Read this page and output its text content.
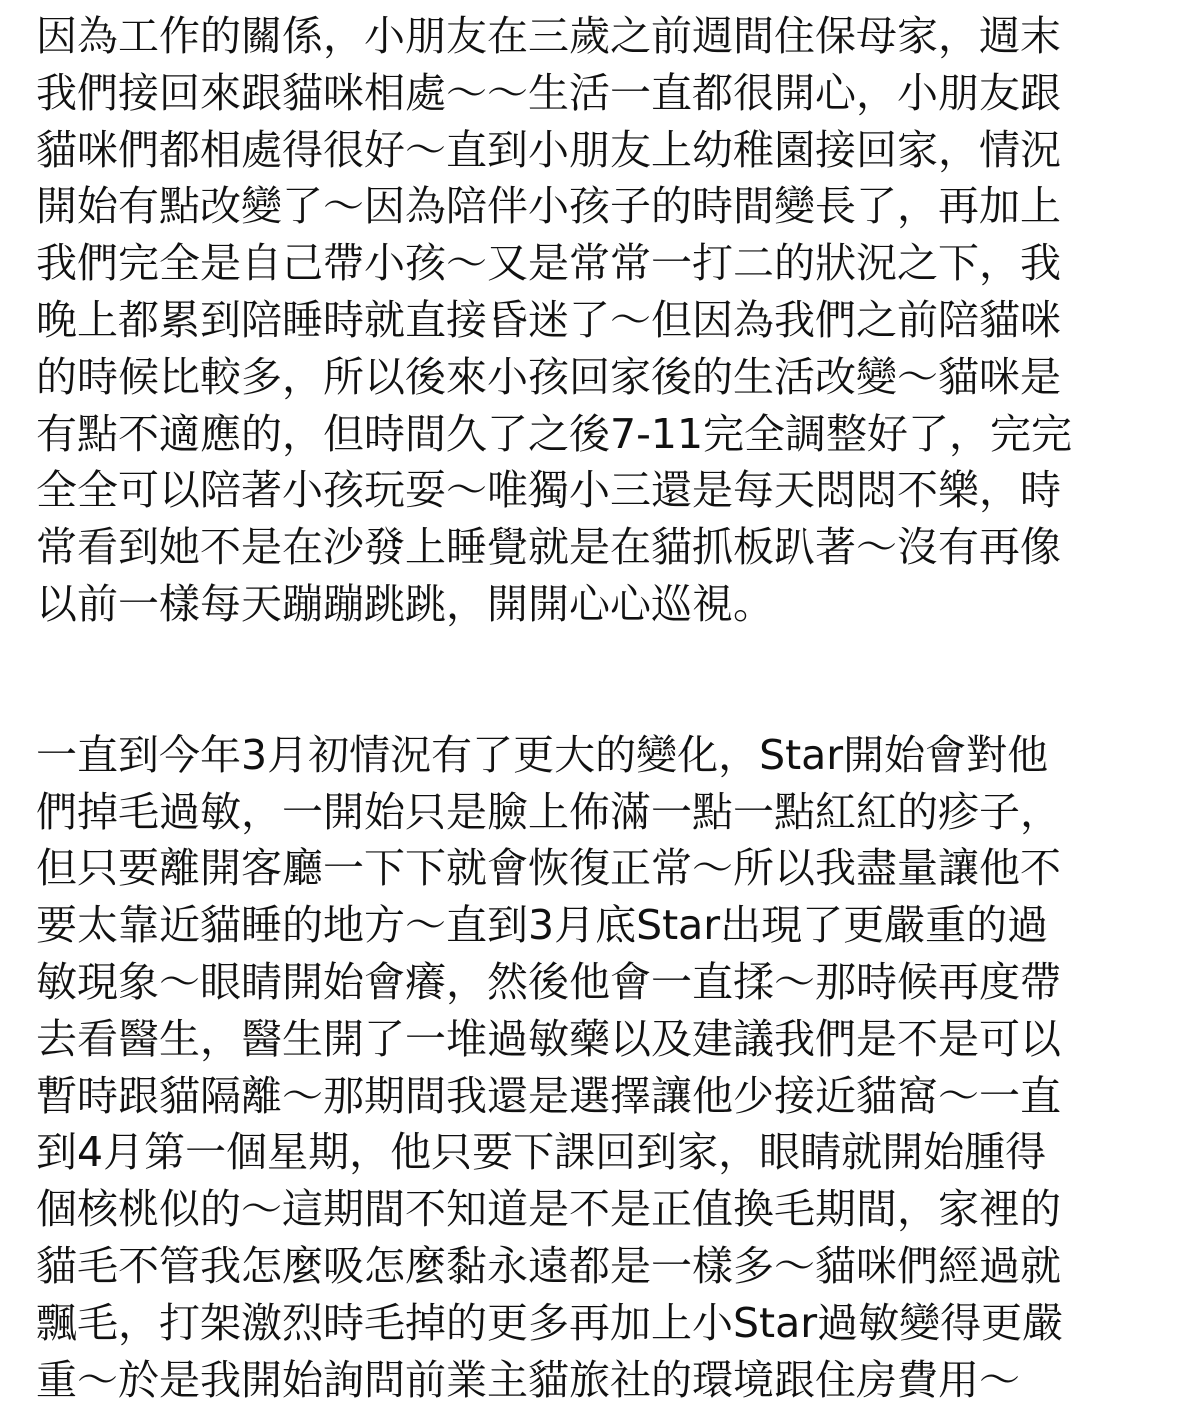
因為工作的關係，小朋友在三歲之前週間住保母家，週末
我們接回來跟貓咪相處～～生活一直都很開心，小朋友跟
貓咪們都相處得很好～直到小朋友上幼稚園接回家，情況
開始有點改變了～因為陪伴小孩子的時間變長了，再加上
我們完全是自己帶小孩～又是常常一打二的狀況之下，我
晚上都累到陪睡時就直接昏迷了～但因為我們之前陪貓咪
的時候比較多，所以後來小孩回家後的生活改變～貓咪是
有點不適應的，但時間久了之後7-11完全調整好了，完完
全全可以陪著小孩玩耍～唯獨小三還是每天悶悶不樂，時
常看到她不是在沙發上睡覺就是在貓抓板趴著～沒有再像
以前一樣每天蹦蹦跳跳，開開心心巡視。
一直到今年3月初情況有了更大的變化，Star開始會對他
們掉毛過敏，一開始只是臉上佈滿一點一點紅紅的疹子，
但只要離開客廳一下下就會恢復正常～所以我盡量讓他不
要太靠近貓睡的地方～直到3月底Star出現了更嚴重的過
敏現象～眼睛開始會癢，然後他會一直揉～那時候再度帶
去看醫生，醫生開了一堆過敏藥以及建議我們是不是可以
暫時跟貓隔離～那期間我還是選擇讓他少接近貓窩～一直
到4月第一個星期，他只要下課回到家，眼睛就開始腫得
個核桃似的～這期間不知道是不是正值換毛期間，家裡的
貓毛不管我怎麼吸怎麼黏永遠都是一樣多～貓咪們經過就
飄毛，打架激烈時毛掉的更多再加上小Star過敏變得更嚴
重～於是我開始詢問前業主貓旅社的環境跟住房費用～
